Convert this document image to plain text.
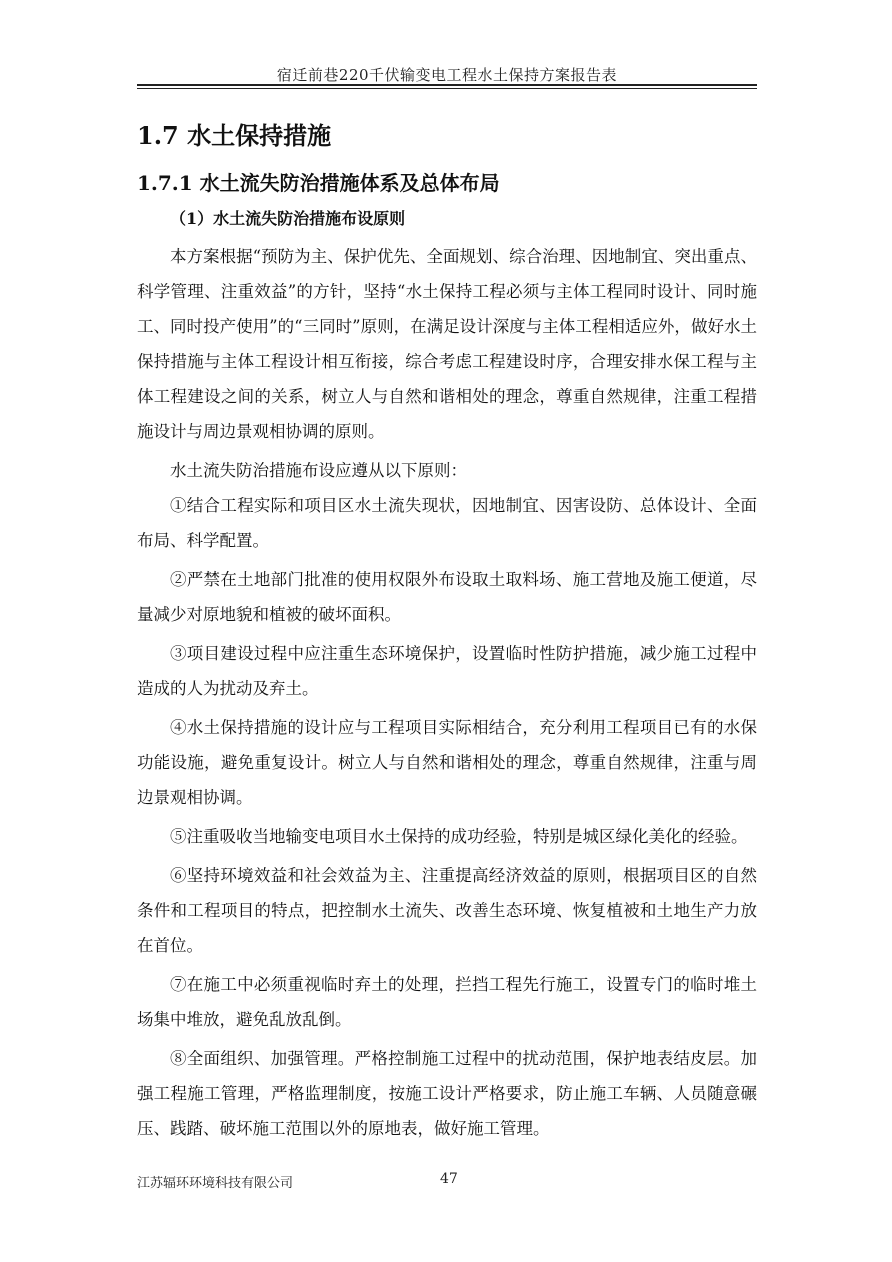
宿迁前巷220千伏输变电工程水土保持方案报告表
1.7 水土保持措施
1.7.1 水土流失防治措施体系及总体布局
（1）水土流失防治措施布设原则

本方案根据“预防为主、保护优先、全面规划、综合治理、因地制宜、突出重点、科学管理、注重效益”的方针，坚持“水土保持工程必须与主体工程同时设计、同时施工、同时投产使用”的“三同时”原则，在满足设计深度与主体工程相适应外，做好水土保持措施与主体工程设计相互衔接，综合考虑工程建设时序，合理安排水保工程与主体工程建设之间的关系，树立人与自然和谐相处的理念，尊重自然规律，注重工程措施设计与周边景观相协调的原则。

水土流失防治措施布设应遵从以下原则：

①结合工程实际和项目区水土流失现状，因地制宜、因害设防、总体设计、全面布局、科学配置。

②严禁在土地部门批准的使用权限外布设取土取料场、施工营地及施工便道，尽量减少对原地貌和植被的破坏面积。

③项目建设过程中应注重生态环境保护，设置临时性防护措施，减少施工过程中造成的人为扰动及弃土。

④水土保持措施的设计应与工程项目实际相结合，充分利用工程项目已有的水保功能设施，避免重复设计。树立人与自然和谐相处的理念，尊重自然规律，注重与周边景观相协调。

⑤注重吸收当地输变电项目水土保持的成功经验，特别是城区绿化美化的经验。

⑥坚持环境效益和社会效益为主、注重提高经济效益的原则，根据项目区的自然条件和工程项目的特点，把控制水土流失、改善生态环境、恢复植被和土地生产力放在首位。

⑦在施工中必须重视临时弃土的处理，拦挡工程先行施工，设置专门的临时堆土场集中堆放，避免乱放乱倒。

⑧全面组织、加强管理。严格控制施工过程中的扰动范围，保护地表结皮层。加强工程施工管理，严格监理制度，按施工设计严格要求，防止施工车辆、人员随意碾压、践踏、破坏施工范围以外的原地表，做好施工管理。

江苏辐环环境科技有限公司	47
